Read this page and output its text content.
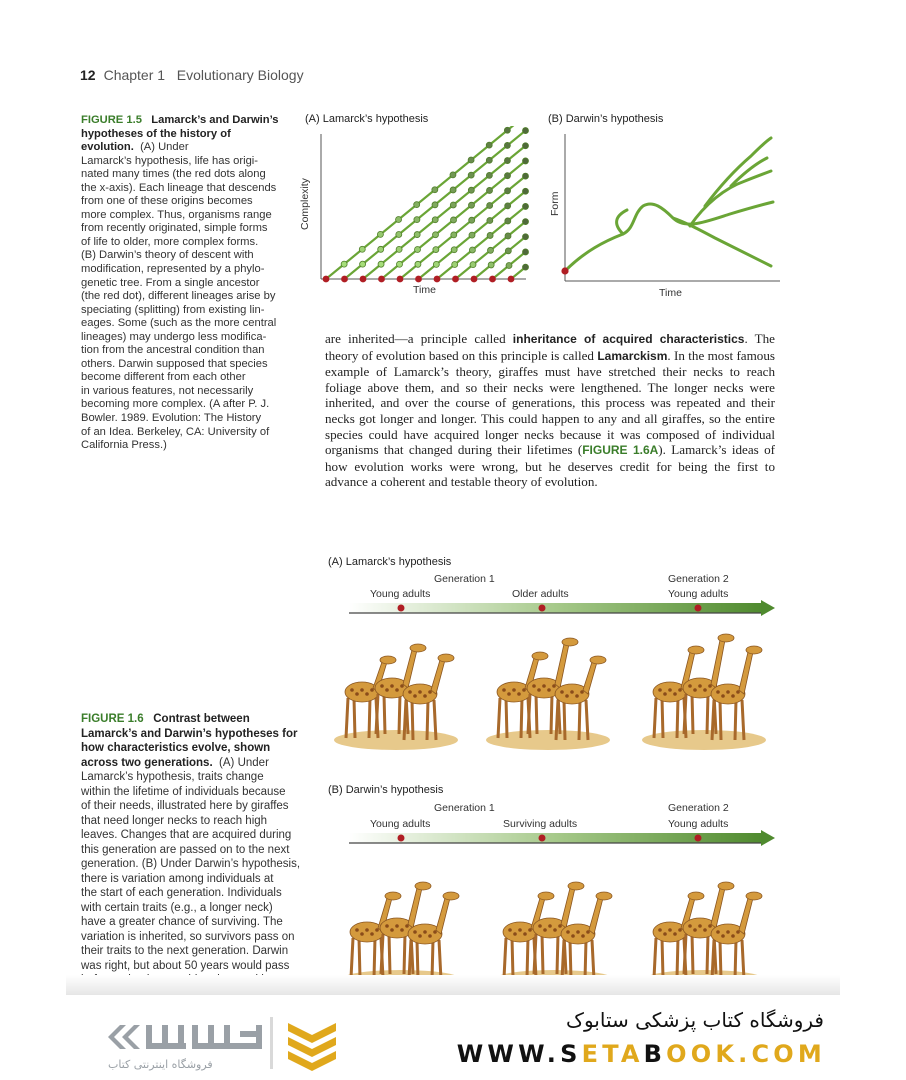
12 Chapter 1 Evolutionary Biology
FIGURE 1.5 Lamarck’s and Darwin’s hypotheses of the history of evolution. (A) Under
Lamarck’s hypothesis, life has origi-
nated many times (the red dots along
the x-axis). Each lineage that descends
from one of these origins becomes
more complex. Thus, organisms range
from recently originated, simple forms
of life to older, more complex forms.
(B) Darwin’s theory of descent with
modification, represented by a phylo-
genetic tree. From a single ancestor
(the red dot), different lineages arise by
speciating (splitting) from existing lin-
eages. Some (such as the more central
lineages) may undergo less modifica-
tion from the ancestral condition than
others. Darwin supposed that species
become different from each other
in various features, not necessarily
becoming more complex. (A after P. J.
Bowler. 1989. Evolution: The History
of an Idea. Berkeley, CA: University of
California Press.)
(A) Lamarck’s hypothesis
Complexity
Time
(B) Darwin’s hypothesis
Form
Time
are inherited—a principle called inheritance of acquired characteristics. The theory of evolution based on this principle is called Lamarckism. In the most famous example of Lamarck’s theory, giraffes must have stretched their necks to reach foliage above them, and so their necks were lengthened. The longer necks were inherited, and over the course of generations, this process was repeated and their necks got longer and longer. This could happen to any and all giraffes, so the entire species could have acquired longer necks because it was composed of individual organisms that changed during their lifetimes (FIGURE 1.6A). Lamarck’s ideas of how evolution works were wrong, but he deserves credit for being the first to advance a coherent and testable theory of evolution.
FIGURE 1.6 Contrast between Lamarck’s and Darwin’s hypotheses for how characteristics evolve, shown across two generations. (A) Under
Lamarck’s hypothesis, traits change
within the lifetime of individuals because
of their needs, illustrated here by giraffes
that need longer necks to reach high
leaves. Changes that are acquired during
this generation are passed on to the next
generation. (B) Under Darwin’s hypothesis,
there is variation among individuals at
the start of each generation. Individuals
with certain traits (e.g., a longer neck)
have a greater chance of surviving. The
variation is inherited, so survivors pass on
their traits to the next generation. Darwin
was right, but about 50 years would pass

(A) Lamarck’s hypothesis
Generation 1	Generation 2
Young adults	Older adults	Young adults
(B) Darwin’s hypothesis
Generation 1	Generation 2
Young adults	Surviving adults	Young adults
فروشگاه اینترنتی کتاب
فروشگاه کتاب پزشکی ستابوک
WWW.SETABOOK.COM
